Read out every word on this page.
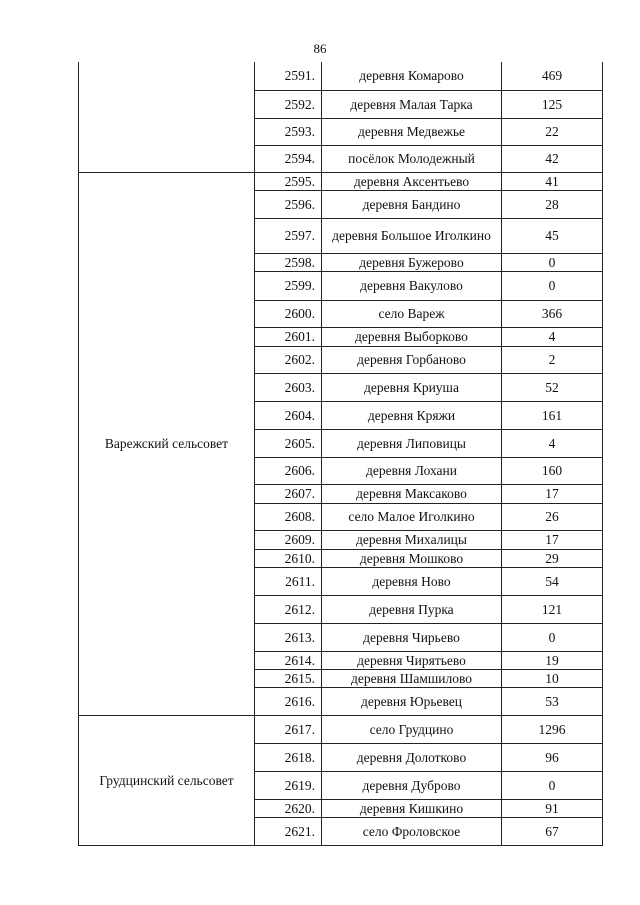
86
	2591.	деревня Комарово	469
	2592.	деревня Малая Тарка	125
	2593.	деревня Медвежье	22
	2594.	посёлок Молодежный	42
Варежский сельсовет	2595.	деревня Аксентьево	41
	2596.	деревня Бандино	28
	2597.	деревня Большое Иголкино	45
	2598.	деревня Бужерово	0
	2599.	деревня Вакулово	0
	2600.	село Вареж	366
	2601.	деревня Выборково	4
	2602.	деревня Горбаново	2
	2603.	деревня Криуша	52
	2604.	деревня Кряжи	161
	2605.	деревня Липовицы	4
	2606.	деревня Лохани	160
	2607.	деревня Максаково	17
	2608.	село Малое Иголкино	26
	2609.	деревня Михалицы	17
	2610.	деревня Мошково	29
	2611.	деревня Ново	54
	2612.	деревня Пурка	121
	2613.	деревня Чирьево	0
	2614.	деревня Чирятьево	19
	2615.	деревня Шамшилово	10
	2616.	деревня Юрьевец	53
Грудцинский сельсовет	2617.	село Грудцино	1296
	2618.	деревня Долотково	96
	2619.	деревня Дуброво	0
	2620.	деревня Кишкино	91
	2621.	село Фроловское	67
